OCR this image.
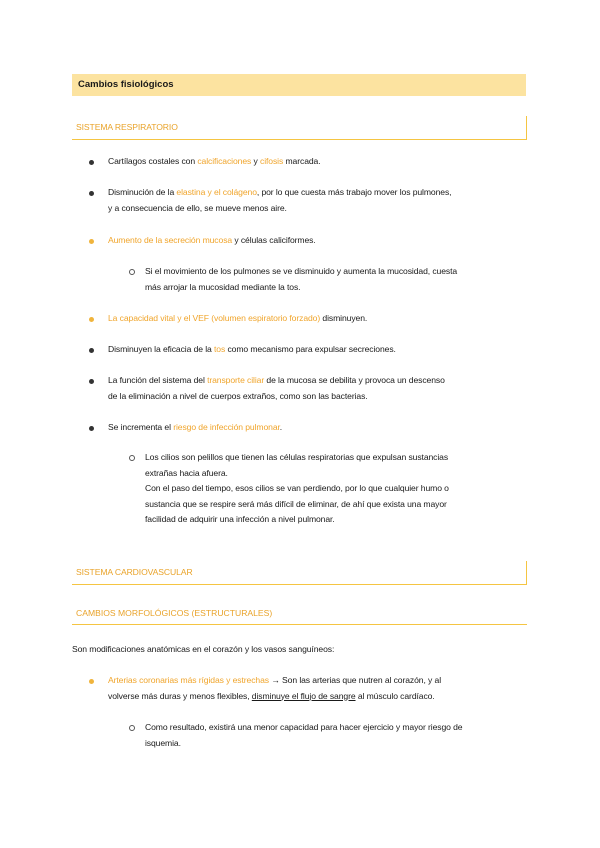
Cambios fisiológicos
SISTEMA RESPIRATORIO
Cartílagos costales con calcificaciones y cifosis marcada.
Disminución de la elastina y el colágeno, por lo que cuesta más trabajo mover los pulmones,
y a consecuencia de ello, se mueve menos aire.
Aumento de la secreción mucosa y células caliciformes.
Si el movimiento de los pulmones se ve disminuido y aumenta la mucosidad, cuesta
más arrojar la mucosidad mediante la tos.
La capacidad vital y el VEF (volumen espiratorio forzado) disminuyen.
Disminuyen la eficacia de la tos como mecanismo para expulsar secreciones.
La función del sistema del transporte ciliar de la mucosa se debilita y provoca un descenso
de la eliminación a nivel de cuerpos extraños, como son las bacterias.
Se incrementa el riesgo de infección pulmonar.
Los cilios son pelillos que tienen las células respiratorias que expulsan sustancias
extrañas hacia afuera.
Con el paso del tiempo, esos cilios se van perdiendo, por lo que cualquier humo o
sustancia que se respire será más difícil de eliminar, de ahí que exista una mayor
facilidad de adquirir una infección a nivel pulmonar.
SISTEMA CARDIOVASCULAR
CAMBIOS MORFOLÓGICOS (ESTRUCTURALES)
Son modificaciones anatómicas en el corazón y los vasos sanguíneos:
Arterias coronarias más rígidas y estrechas → Son las arterias que nutren al corazón, y al
volverse más duras y menos flexibles, disminuye el flujo de sangre al músculo cardíaco.
Como resultado, existirá una menor capacidad para hacer ejercicio y mayor riesgo de
isquemia.
